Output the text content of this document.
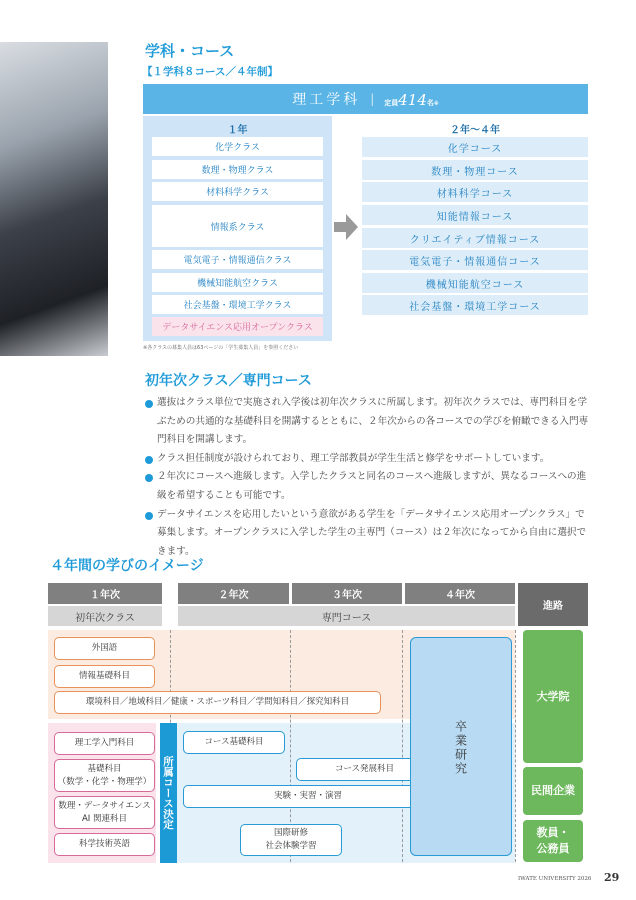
学科・コース
【１学科８コース／４年制】
理工学科 | 定員414名※
１年
化学クラス
数理・物理クラス
材料科学クラス
情報系クラス
電気電子・情報通信クラス
機械知能航空クラス
社会基盤・環境工学クラス
データサイエンス応用オープンクラス
２年〜４年
化学コース
数理・物理コース
材料科学コース
知能情報コース
クリエイティブ情報コース
電気電子・情報通信コース
機械知能航空コース
社会基盤・環境工学コース
※各クラスの募集人員は63ページの「学生募集人員」を参照ください
初年次クラス／専門コース

選抜はクラス単位で実施され入学後は初年次クラスに所属します。初年次クラスでは、専門科目を学ぶための共通的な基礎科目を開講するとともに、２年次からの各コースでの学びを俯瞰できる入門専門科目を開講します。

クラス担任制度が設けられており、理工学部教員が学生生活と修学をサポートしています。

２年次にコースへ進級します。入学したクラスと同名のコースへ進級しますが、異なるコースへの進級を希望することも可能です。

データサイエンスを応用したいという意欲がある学生を「データサイエンス応用オープンクラス」で募集します。オープンクラスに入学した学生の主専門（コース）は２年次になってから自由に選択できます。

４年間の学びのイメージ
１年次	２年次	３年次	４年次
進路
初年次クラス	専門コース
外国語
情報基礎科目
環境科目／地域科目／健康・スポーツ科目／学問知科目／探究知科目
理工学入門科目
基礎科目
（数学・化学・物理学）
数理・データサイエンス
AI 関連科目
科学技術英語
所属コース決定
コース基礎科目
コース発展科目
実験・実習・演習
国際研修
社会体験学習
卒業研究
大学院
民間企業
教員・
公務員
IWATE UNIVERSITY 2026 29
